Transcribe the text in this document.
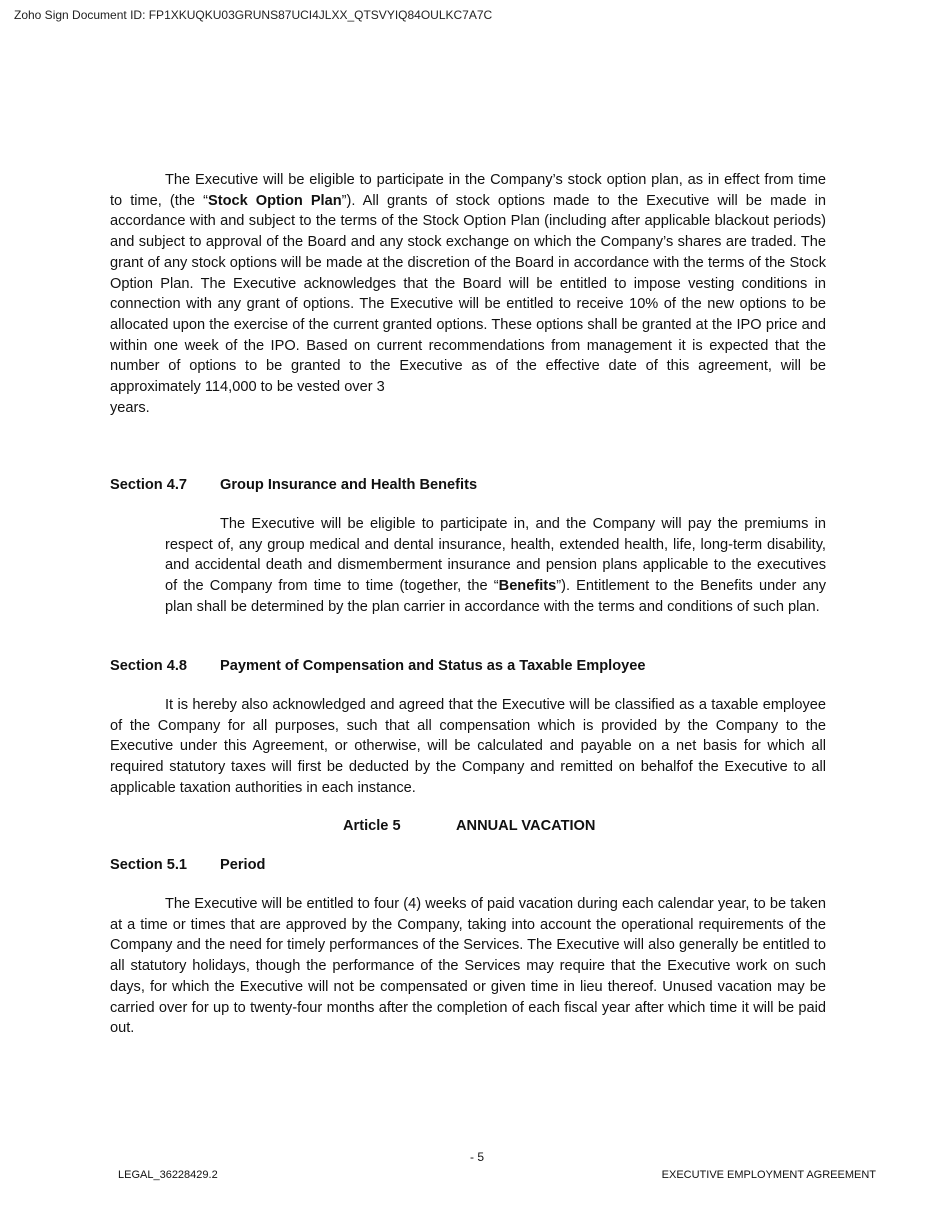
Zoho Sign Document ID: FP1XKUQKU03GRUNS87UCI4JLXX_QTSVYIQ84OULKC7A7C

The Executive will be eligible to participate in the Company’s stock option plan, as in effect from time to time, (the “Stock Option Plan”). All grants of stock options made to the Executive will be made in accordance with and subject to the terms of the Stock Option Plan (including after applicable blackout periods) and subject to approval of the Board and any stock exchange on which the Company’s shares are traded. The grant of any stock options will be made at the discretion of the Board in accordance with the terms of the Stock Option Plan. The Executive acknowledges that the Board will be entitled to impose vesting conditions in connection with any grant of options. The Executive will be entitled to receive 10% of the new options to be allocated upon the exercise of the current granted options. These options shall be granted at the IPO price and within one week of the IPO. Based on current recommendations from management it is expected that the number of options to be granted to the Executive as of the effective date of this agreement, will be approximately 114,000 to be vested over 3

years.

Section 4.7 Group Insurance and Health Benefits

The Executive will be eligible to participate in, and the Company will pay the premiums in respect of, any group medical and dental insurance, health, extended health, life, long-term disability, and accidental death and dismemberment insurance and pension plans applicable to the executives of the Company from time to time (together, the “Benefits”). Entitlement to the Benefits under any plan shall be determined by the plan carrier in accordance with the terms and conditions of such plan.

Section 4.8 Payment of Compensation and Status as a Taxable Employee

It is hereby also acknowledged and agreed that the Executive will be classified as a taxable employee of the Company for all purposes, such that all compensation which is provided by the Company to the Executive under this Agreement, or otherwise, will be calculated and payable on a net basis for which all required statutory taxes will first be deducted by the Company and remitted on behalfof the Executive to all applicable taxation authorities in each instance.

Article 5	ANNUAL VACATION
Section 5.1 Period

The Executive will be entitled to four (4) weeks of paid vacation during each calendar year, to be taken at a time or times that are approved by the Company, taking into account the operational requirements of the Company and the need for timely performances of the Services. The Executive will also generally be entitled to all statutory holidays, though the performance of the Services may require that the Executive work on such days, for which the Executive will not be compensated or given time in lieu thereof. Unused vacation may be carried over for up to twenty-four months after the completion of each fiscal year after which time it will be paid out.

- 5
LEGAL_36228429.2	EXECUTIVE EMPLOYMENT AGREEMENT
